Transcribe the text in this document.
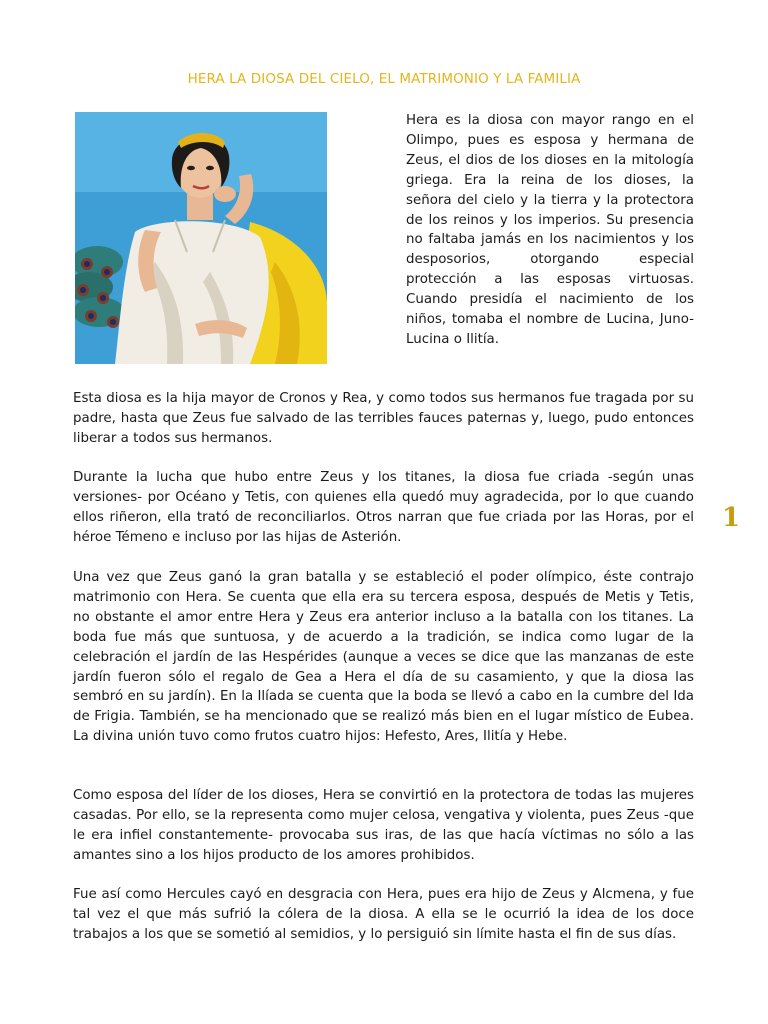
HERA LA DIOSA DEL CIELO, EL MATRIMONIO Y LA FAMILIA

Hera es la diosa con mayor rango en el Olimpo, pues es esposa y hermana de Zeus, el dios de los dioses en la mitología griega. Era la reina de los dioses, la señora del cielo y la tierra y la protectora de los reinos y los imperios. Su presencia no faltaba jamás en los nacimientos y los desposorios, otorgando especial protección a las esposas virtuosas. Cuando presidía el nacimiento de los niños, tomaba el nombre de Lucina, Juno-Lucina o Ilitía.

Esta diosa es la hija mayor de Cronos y Rea, y como todos sus hermanos fue tragada por su padre, hasta que Zeus fue salvado de las terribles fauces paternas y, luego, pudo entonces liberar a todos sus hermanos.

Durante la lucha que hubo entre Zeus y los titanes, la diosa fue criada -según unas versiones- por Océano y Tetis, con quienes ella quedó muy agradecida, por lo que cuando ellos riñeron, ella trató de reconciliarlos. Otros narran que fue criada por las Horas, por el héroe Témeno e incluso por las hijas de Asterión.

Una vez que Zeus ganó la gran batalla y se estableció el poder olímpico, éste contrajo matrimonio con Hera. Se cuenta que ella era su tercera esposa, después de Metis y Tetis, no obstante el amor entre Hera y Zeus era anterior incluso a la batalla con los titanes. La boda fue más que suntuosa, y de acuerdo a la tradición, se indica como lugar de la celebración el jardín de las Hespérides (aunque a veces se dice que las manzanas de este jardín fueron sólo el regalo de Gea a Hera el día de su casamiento, y que la diosa las sembró en su jardín). En la Ilíada se cuenta que la boda se llevó a cabo en la cumbre del Ida de Frigia. También, se ha mencionado que se realizó más bien en el lugar místico de Eubea. La divina unión tuvo como frutos cuatro hijos: Hefesto, Ares, Ilitía y Hebe.

Como esposa del líder de los dioses, Hera se convirtió en la protectora de todas las mujeres casadas. Por ello, se la representa como mujer celosa, vengativa y violenta, pues Zeus -que le era infiel constantemente- provocaba sus iras, de las que hacía víctimas no sólo a las amantes sino a los hijos producto de los amores prohibidos.

Fue así como Hercules cayó en desgracia con Hera, pues era hijo de Zeus y Alcmena, y fue tal vez el que más sufrió la cólera de la diosa. A ella se le ocurrió la idea de los doce trabajos a los que se sometió al semidios, y lo persiguió sin límite hasta el fin de sus días.

1
